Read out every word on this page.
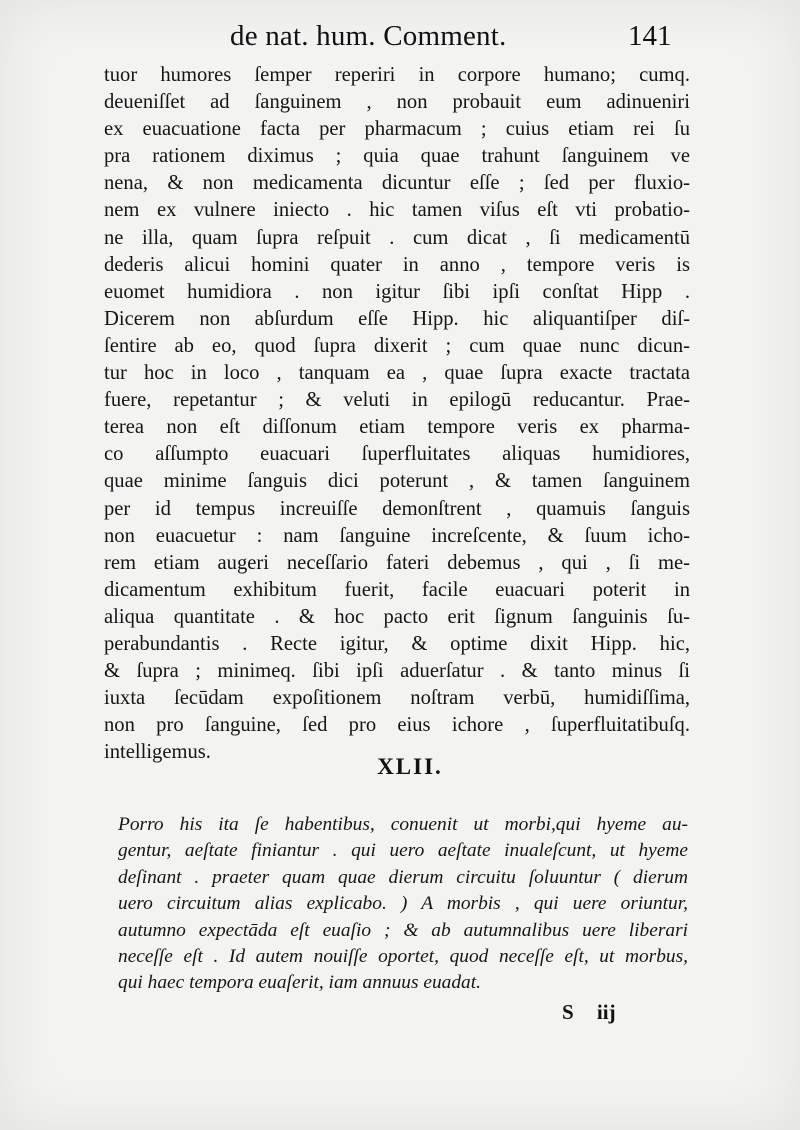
de nat. hum. Comment.	141
tuor humores ſemper reperiri in corpore humano; cumq.
deueniſſet ad ſanguinem , non probauit eum adinueniri
ex euacuatione facta per pharmacum ; cuius etiam rei ſu
pra rationem diximus ; quia quae trahunt ſanguinem ve
nena, & non medicamenta dicuntur eſſe ; ſed per fluxio-
nem ex vulnere iniecto . hic tamen viſus eſt vti probatio-
ne illa, quam ſupra reſpuit . cum dicat , ſi medicamentū
dederis alicui homini quater in anno , tempore veris is
euomet humidiora . non igitur ſibi ipſi conſtat Hipp .
Dicerem non abſurdum eſſe Hipp. hic aliquantiſper diſ-
ſentire ab eo, quod ſupra dixerit ; cum quae nunc dicun-
tur hoc in loco , tanquam ea , quae ſupra exacte tractata
fuere, repetantur ; & veluti in epilogū reducantur. Prae-
terea non eſt diſſonum etiam tempore veris ex pharma-
co aſſumpto euacuari ſuperfluitates aliquas humidiores,
quae minime ſanguis dici poterunt , & tamen ſanguinem
per id tempus increuiſſe demonſtrent , quamuis ſanguis
non euacuetur : nam ſanguine increſcente, & ſuum icho-
rem etiam augeri neceſſario fateri debemus , qui , ſi me-
dicamentum exhibitum fuerit, facile euacuari poterit in
aliqua quantitate . & hoc pacto erit ſignum ſanguinis ſu-
perabundantis . Recte igitur, & optime dixit Hipp. hic,
& ſupra ; minimeq. ſibi ipſi aduerſatur . & tanto minus ſi
iuxta ſecūdam expoſitionem noſtram verbū, humidiſſima,
non pro ſanguine, ſed pro eius ichore , ſuperfluitatibuſq.
intelligemus.
XLII.
Porro his ita ſe habentibus, conuenit ut morbi,qui hyeme au-
gentur, aeſtate finiantur . qui uero aeſtate inualeſcunt, ut hyeme
deſinant . praeter quam quae dierum circuitu ſoluuntur ( dierum
uero circuitum alias explicabo. ) A morbis , qui uere oriuntur,
autumno expectāda eſt euaſio ; & ab autumnalibus uere liberari
neceſſe eſt . Id autem nouiſſe oportet, quod neceſſe eſt, ut morbus,
qui haec tempora euaſerit, iam annuus euadat.
S iij
